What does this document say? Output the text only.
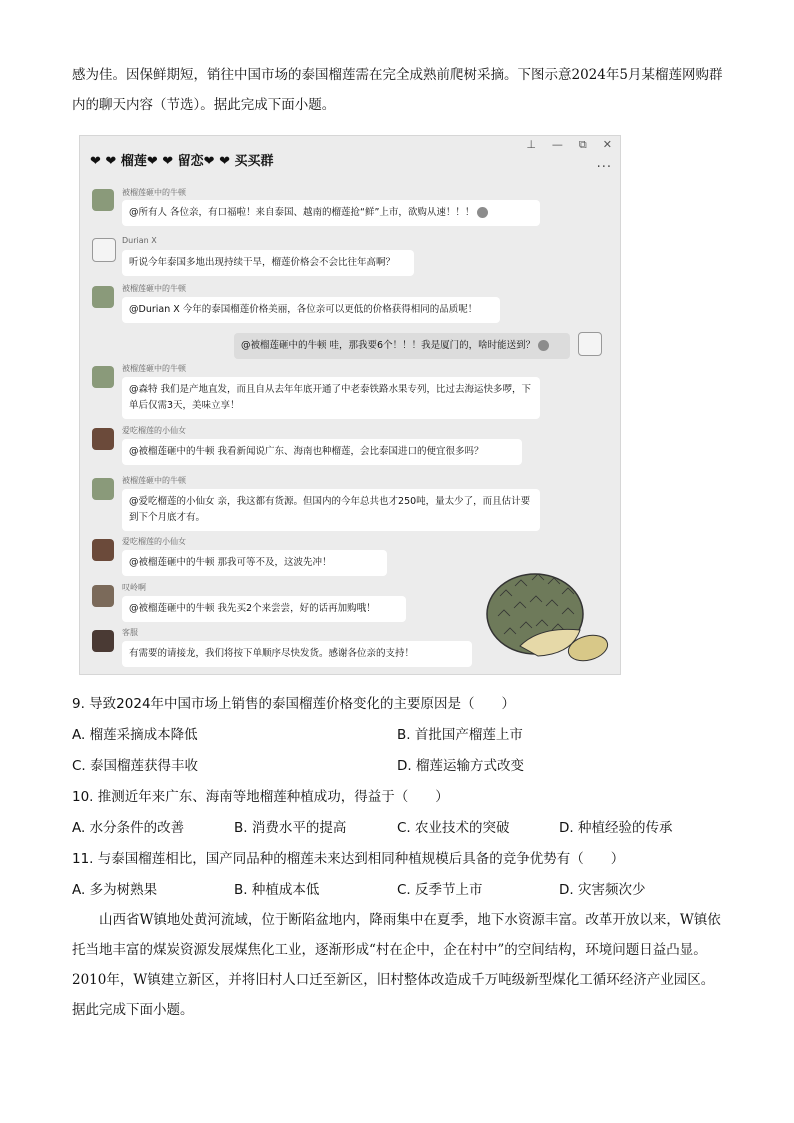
感为佳。因保鲜期短，销往中国市场的泰国榴莲需在完全成熟前爬树采摘。下图示意2024年5月某榴莲网购群内的聊天内容（节选）。据此完成下面小题。
❤ ❤ 榴莲❤ ❤ 留恋❤ ❤ 买买群
⊥ — ⧉ ✕
...
被榴莲砸中的牛顿
@所有人 各位亲，有口福啦！来自泰国、越南的榴莲抢“鲜”上市，欲购从速！！！
Durian X
听说今年泰国多地出现持续干旱，榴莲价格会不会比往年高啊？
被榴莲砸中的牛顿
@Durian X 今年的泰国榴莲价格美丽，各位亲可以更低的价格获得相同的品质呢！
@被榴莲砸中的牛顿 哇，那我要6个！！！我是厦门的，啥时能送到？
被榴莲砸中的牛顿
@森特 我们是产地直发，而且自从去年年底开通了中老泰铁路水果专列，比过去海运快多啰，下单后仅需3天，美味立享！
爱吃榴莲的小仙女
@被榴莲砸中的牛顿 我看新闻说广东、海南也种榴莲，会比泰国进口的便宜很多吗？
被榴莲砸中的牛顿
@爱吃榴莲的小仙女 亲，我这都有货源。但国内的今年总共也才250吨，量太少了，而且估计要到下个月底才有。
爱吃榴莲的小仙女
@被榴莲砸中的牛顿 那我可等不及，这波先冲！
叹岭啊
@被榴莲砸中的牛顿 我先买2个来尝尝，好的话再加购哦！
客服
有需要的请接龙，我们将按下单顺序尽快发货。感谢各位亲的支持！
9. 导致2024年中国市场上销售的泰国榴莲价格变化的主要原因是（　　）
A. 榴莲采摘成本降低	B. 首批国产榴莲上市
C. 泰国榴莲获得丰收	D. 榴莲运输方式改变
10. 推测近年来广东、海南等地榴莲种植成功，得益于（　　）
A. 水分条件的改善	B. 消费水平的提高	C. 农业技术的突破	D. 种植经验的传承
11. 与泰国榴莲相比，国产同品种的榴莲未来达到相同种植规模后具备的竞争优势有（　　）
A. 多为树熟果	B. 种植成本低	C. 反季节上市	D. 灾害频次少
山西省W镇地处黄河流域，位于断陷盆地内，降雨集中在夏季，地下水资源丰富。改革开放以来，W镇依托当地丰富的煤炭资源发展煤焦化工业，逐渐形成“村在企中，企在村中”的空间结构，环境问题日益凸显。2010年，W镇建立新区，并将旧村人口迁至新区，旧村整体改造成千万吨级新型煤化工循环经济产业园区。据此完成下面小题。
